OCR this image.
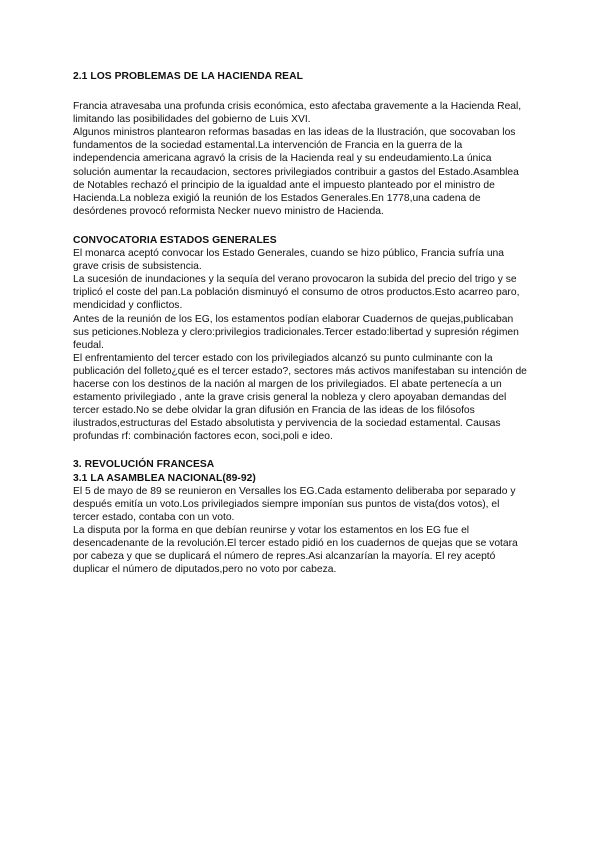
2.1 LOS PROBLEMAS DE LA HACIENDA REAL

Francia atravesaba una profunda crisis económica, esto afectaba gravemente a la Hacienda Real, limitando las posibilidades del gobierno de Luis XVI.

Algunos ministros plantearon reformas basadas en las ideas de la Ilustración, que socovaban los fundamentos de la sociedad estamental.La intervención de Francia en la guerra de la independencia americana agravó la crisis de la Hacienda real y su endeudamiento.La única solución aumentar la recaudacion, sectores privilegiados contribuir a gastos del Estado.Asamblea de Notables rechazó el principio de la igualdad ante el impuesto planteado por el ministro de Hacienda.La nobleza exigió la reunión de los Estados Generales.En 1778,una cadena de desórdenes provocó reformista Necker nuevo ministro de Hacienda.

CONVOCATORIA ESTADOS GENERALES

El monarca aceptó convocar los Estado Generales, cuando se hizo público, Francia sufría una grave crisis de subsistencia.

La sucesión de inundaciones y la sequía del verano provocaron la subida del precio del trigo y se triplicó el coste del pan.La población disminuyó el consumo de otros productos.Esto acarreo paro, mendicidad y conflictos.

Antes de la reunión de los EG, los estamentos podían elaborar Cuadernos de quejas,publicaban sus peticiones.Nobleza y clero:privilegios tradicionales.Tercer estado:libertad y supresión régimen feudal.

El enfrentamiento del tercer estado con los privilegiados alcanzó su punto culminante con la publicación del folleto¿qué es el tercer estado?, sectores más activos manifestaban su intención de hacerse con los destinos de la nación al margen de los privilegiados. El abate pertenecía a un estamento privilegiado , ante la grave crisis general la nobleza y clero apoyaban demandas del tercer estado.No se debe olvidar la gran difusión en Francia de las ideas de los filósofos ilustrados,estructuras del Estado absolutista y pervivencia de la sociedad estamental. Causas profundas rf: combinación factores econ, soci,poli e ideo.

3. REVOLUCIÓN FRANCESA

3.1 LA ASAMBLEA NACIONAL(89-92)

El 5 de mayo de 89 se reunieron en Versalles los EG.Cada estamento deliberaba por separado y después emitía un voto.Los privilegiados siempre imponían sus puntos de vista(dos votos), el tercer estado, contaba con un voto.

La disputa por la forma en que debían reunirse y votar los estamentos en los EG fue el desencadenante de la revolución.El tercer estado pidió en los cuadernos de quejas que se votara por cabeza y que se duplicará el número de repres.Asi alcanzarían la mayoría. El rey aceptó duplicar el número de diputados,pero no voto por cabeza.
